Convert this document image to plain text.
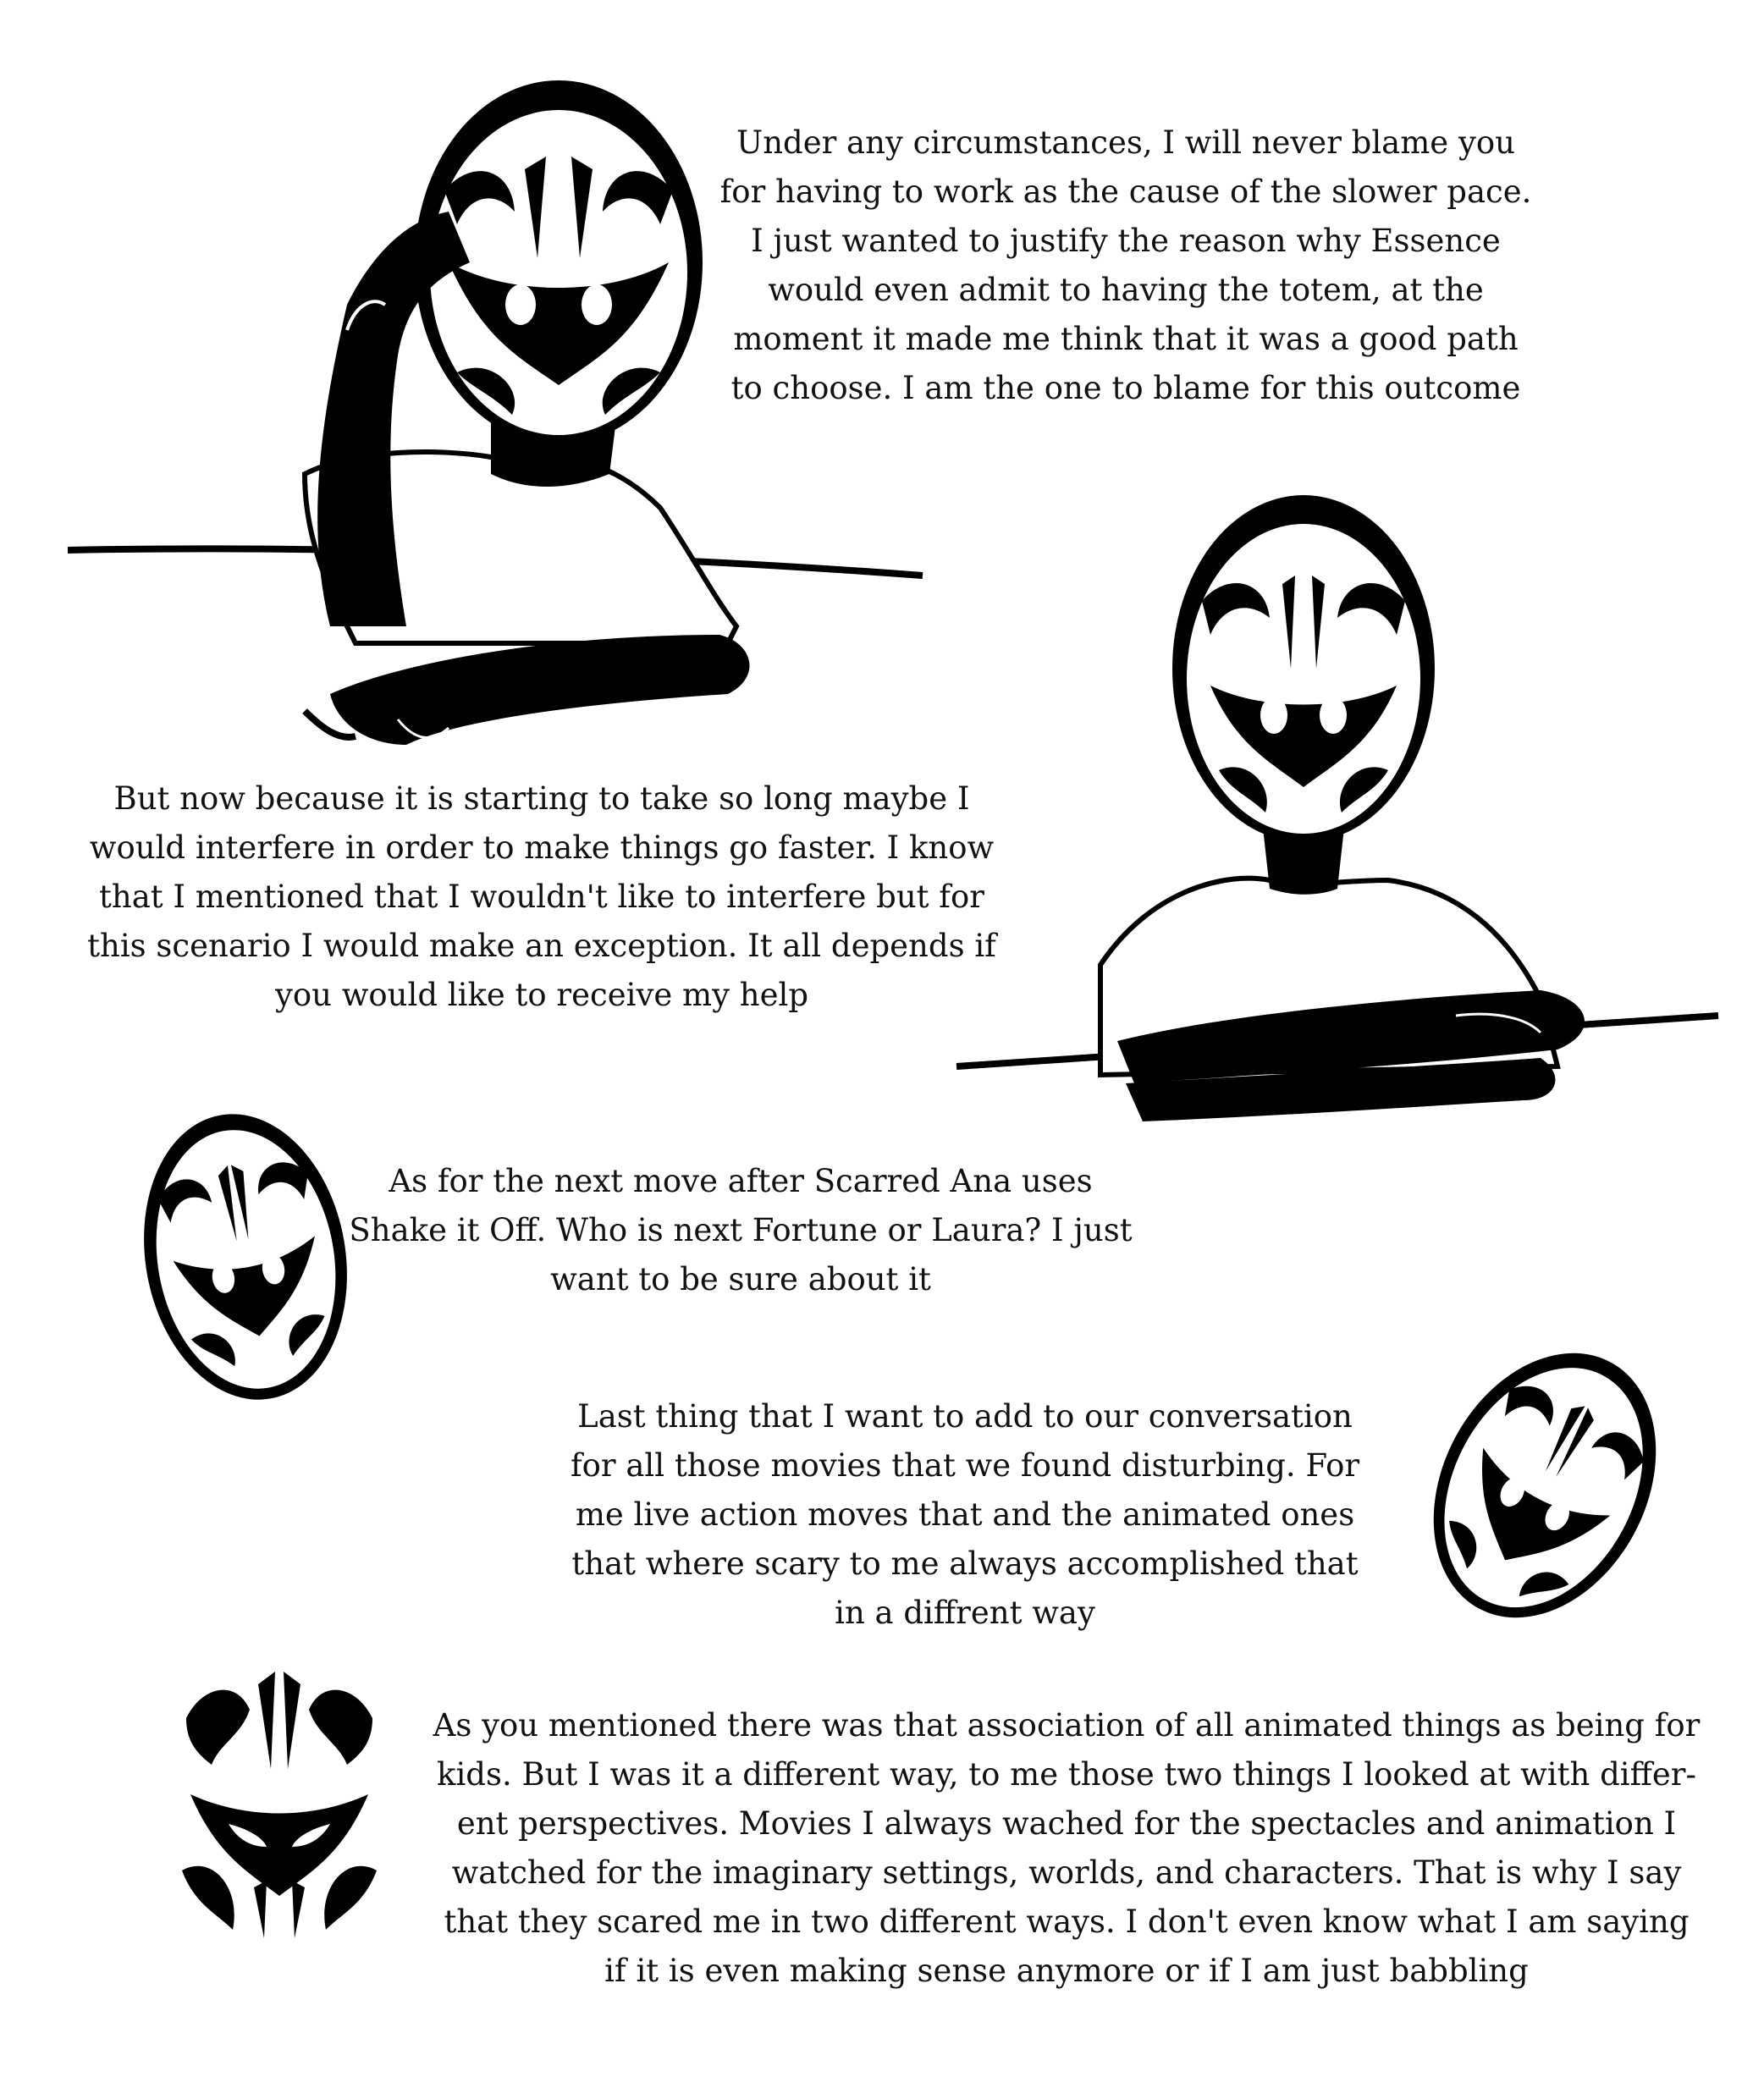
Under any circumstances, I will never blame you
for having to work as the cause of the slower pace.
I just wanted to justify the reason why Essence
would even admit to having the totem, at the
moment it made me think that it was a good path
to choose. I am the one to blame for this outcome

But now because it is starting to take so long maybe I
would interfere in order to make things go faster. I know
that I mentioned that I wouldn't like to interfere but for
this scenario I would make an exception. It all depends if
you would like to receive my help

As for the next move after Scarred Ana uses
Shake it Off. Who is next Fortune or Laura? I just
want to be sure about it

Last thing that I want to add to our conversation
for all those movies that we found disturbing. For
me live action moves that and the animated ones
that where scary to me always accomplished that
in a diffrent way

As you mentioned there was that association of all animated things as being for
kids. But I was it a different way, to me those two things I looked at with differ-
ent perspectives. Movies I always wached for the spectacles and animation I
watched for the imaginary settings, worlds, and characters. That is why I say
that they scared me in two different ways. I don't even know what I am saying
if it is even making sense anymore or if I am just babbling
